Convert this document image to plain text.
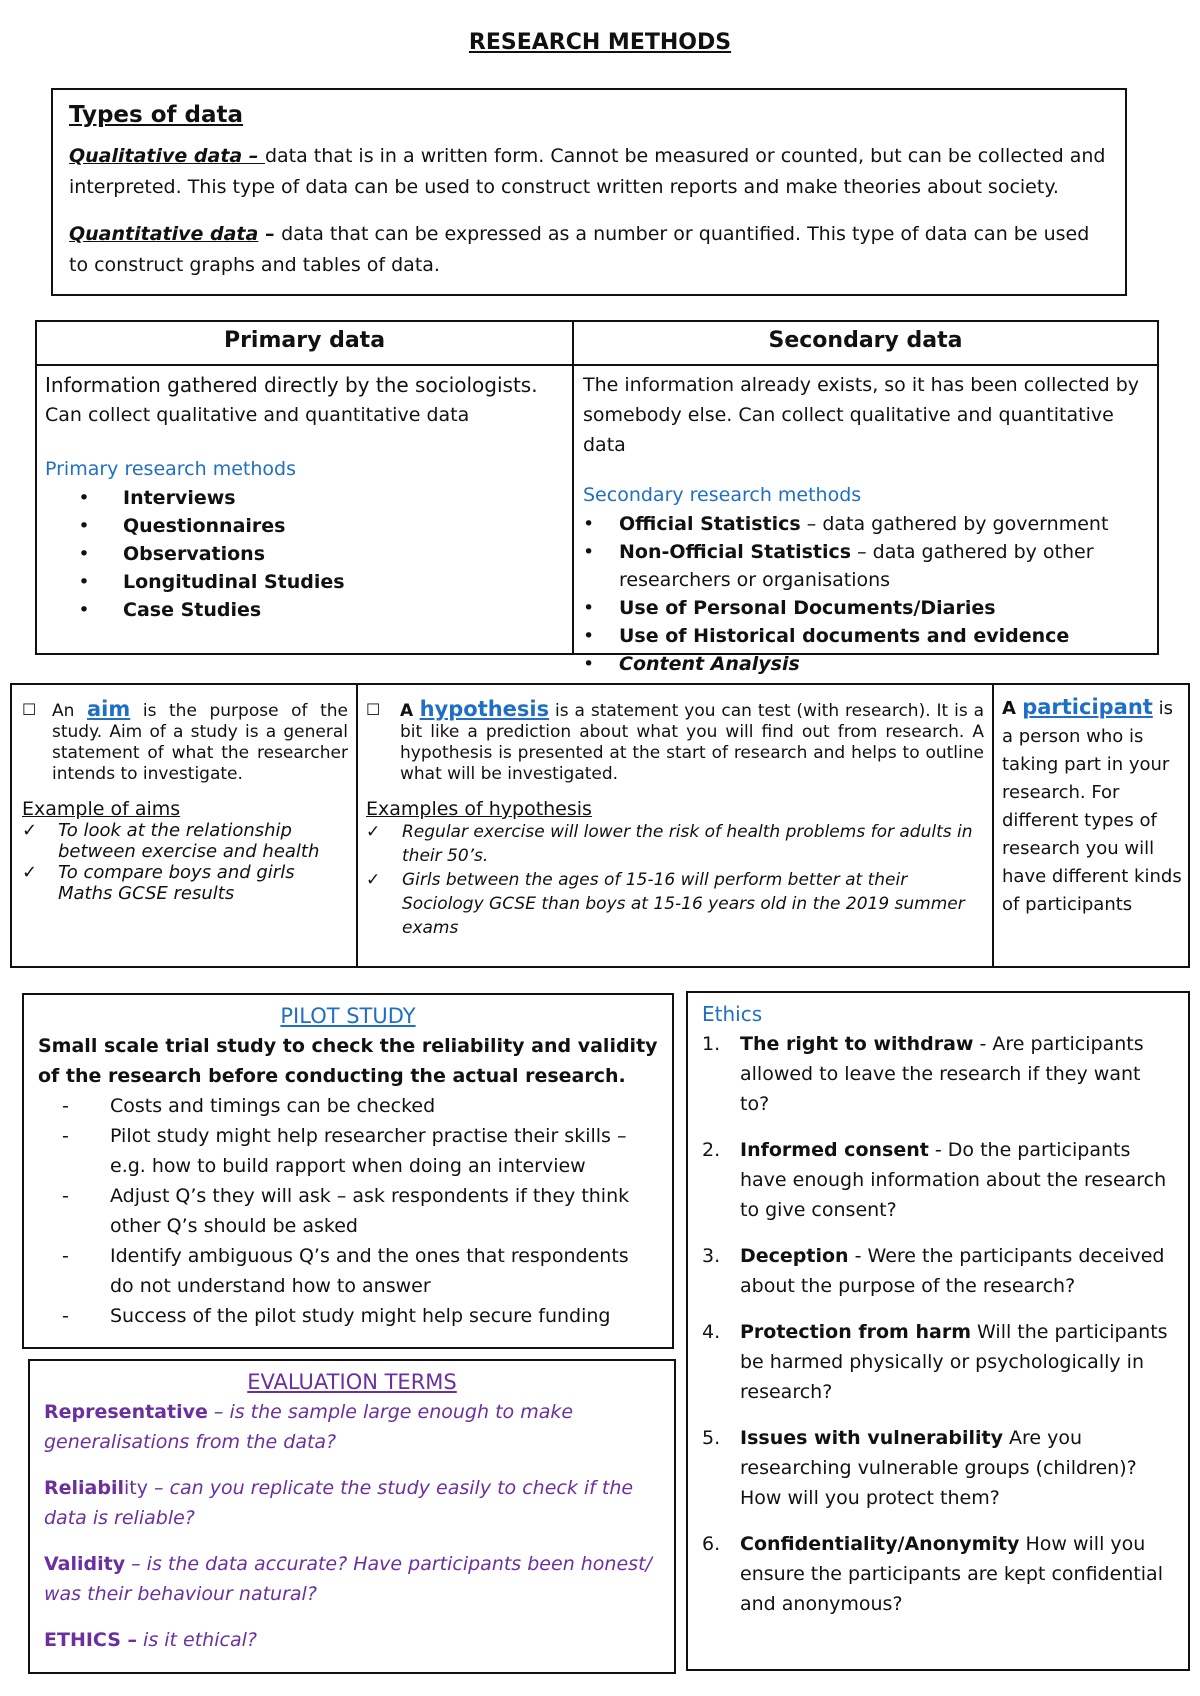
RESEARCH METHODS
Types of data
Qualitative data – data that is in a written form. Cannot be measured or counted, but can be collected and interpreted. This type of data can be used to construct written reports and make theories about society.
Quantitative data – data that can be expressed as a number or quantified. This type of data can be used to construct graphs and tables of data.
Primary data	Secondary data
Information gathered directly by the sociologists.
Can collect qualitative and quantitative data
Primary research methods
•	Interviews
•	Questionnaires
•	Observations
•	Longitudinal Studies
•	Case Studies
The information already exists, so it has been collected by somebody else. Can collect qualitative and quantitative data
Secondary research methods
•	Official Statistics – data gathered by government
•	Non-Official Statistics – data gathered by other researchers or organisations
•	Use of Personal Documents/Diaries
•	Use of Historical documents and evidence
•	Content Analysis
☐ An aim is the purpose of the study. Aim of a study is a general statement of what the researcher intends to investigate.
Example of aims
✓	To look at the relationship between exercise and health
✓	To compare boys and girls Maths GCSE results
☐	A hypothesis is a statement you can test (with research). It is a bit like a prediction about what you will find out from research. A hypothesis is presented at the start of research and helps to outline what will be investigated.
Examples of hypothesis
✓	Regular exercise will lower the risk of health problems for adults in their 50’s.
✓	Girls between the ages of 15-16 will perform better at their Sociology GCSE than boys at 15-16 years old in the 2019 summer exams
A participant is a person who is taking part in your research. For different types of research you will have different kinds of participants
PILOT STUDY
Small scale trial study to check the reliability and validity of the research before conducting the actual research.
-	Costs and timings can be checked
-	Pilot study might help researcher practise their skills – e.g. how to build rapport when doing an interview
-	Adjust Q’s they will ask – ask respondents if they think other Q’s should be asked
-	Identify ambiguous Q’s and the ones that respondents do not understand how to answer
-	Success of the pilot study might help secure funding
EVALUATION TERMS
Representative – is the sample large enough to make generalisations from the data?
Reliability – can you replicate the study easily to check if the data is reliable?
Validity – is the data accurate? Have participants been honest/ was their behaviour natural?
ETHICS – is it ethical?
Ethics
1.	The right to withdraw - Are participants allowed to leave the research if they want to?
2.	Informed consent - Do the participants have enough information about the research to give consent?
3.	Deception - Were the participants deceived about the purpose of the research?
4.	Protection from harm Will the participants be harmed physically or psychologically in research?
5.	Issues with vulnerability Are you researching vulnerable groups (children)? How will you protect them?
6.	Confidentiality/Anonymity How will you ensure the participants are kept confidential and anonymous?
